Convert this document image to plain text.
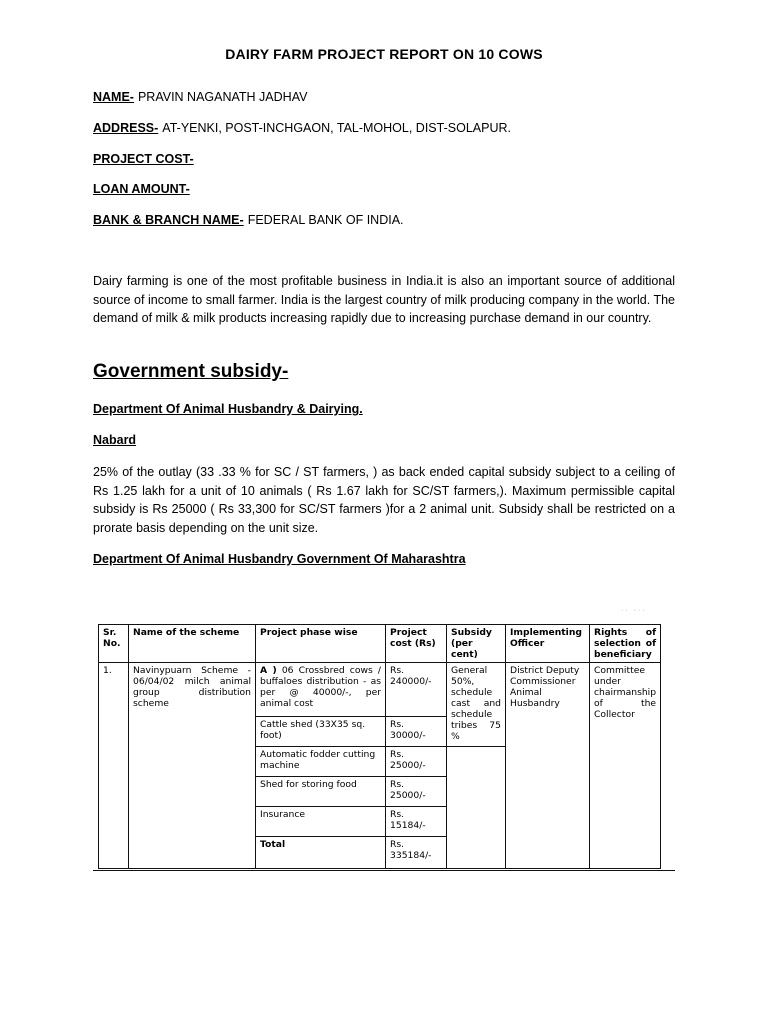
DAIRY FARM PROJECT REPORT ON 10 COWS
NAME- PRAVIN NAGANATH JADHAV
ADDRESS- AT-YENKI, POST-INCHGAON, TAL-MOHOL, DIST-SOLAPUR.
PROJECT COST-
LOAN AMOUNT-
BANK & BRANCH NAME- FEDERAL BANK OF INDIA.
Dairy farming is one of the most profitable business in India.it is also an important source of additional source of income to small farmer. India is the largest country of milk producing company in the world. The demand of milk & milk products increasing rapidly due to increasing purchase demand in our country.
Government subsidy-
Department Of Animal Husbandry & Dairying.
Nabard
25% of the outlay (33 .33 % for SC / ST farmers, ) as back ended capital subsidy subject to a ceiling of Rs 1.25 lakh for a unit of 10 animals ( Rs 1.67 lakh for SC/ST farmers,). Maximum permissible capital subsidy is Rs 25000 ( Rs 33,300 for SC/ST farmers )for a 2 animal unit. Subsidy shall be restricted on a prorate basis depending on the unit size.
Department Of Animal Husbandry Government Of Maharashtra
·· ···
Sr. No.	Name of the scheme	Project phase wise	Project cost (Rs)	Subsidy (per cent)	Implementing Officer	Rights of selection of beneficiary
1.	Navinypuarn Scheme - 06/04/02 milch animal group distribution scheme	A ) 06 Crossbred cows / buffaloes distribution - as per @ 40000/-, per animal cost	Rs. 240000/-	General 50%, schedule cast and schedule tribes 75 %	District Deputy Commissioner Animal Husbandry	Committee under chairmanship of the Collector
		Cattle shed (33X35 sq. foot)	Rs. 30000/-			
		Automatic fodder cutting machine	Rs. 25000/-			
		Shed for storing food	Rs. 25000/-			
		Insurance	Rs. 15184/-			
		Total	Rs. 335184/-			
